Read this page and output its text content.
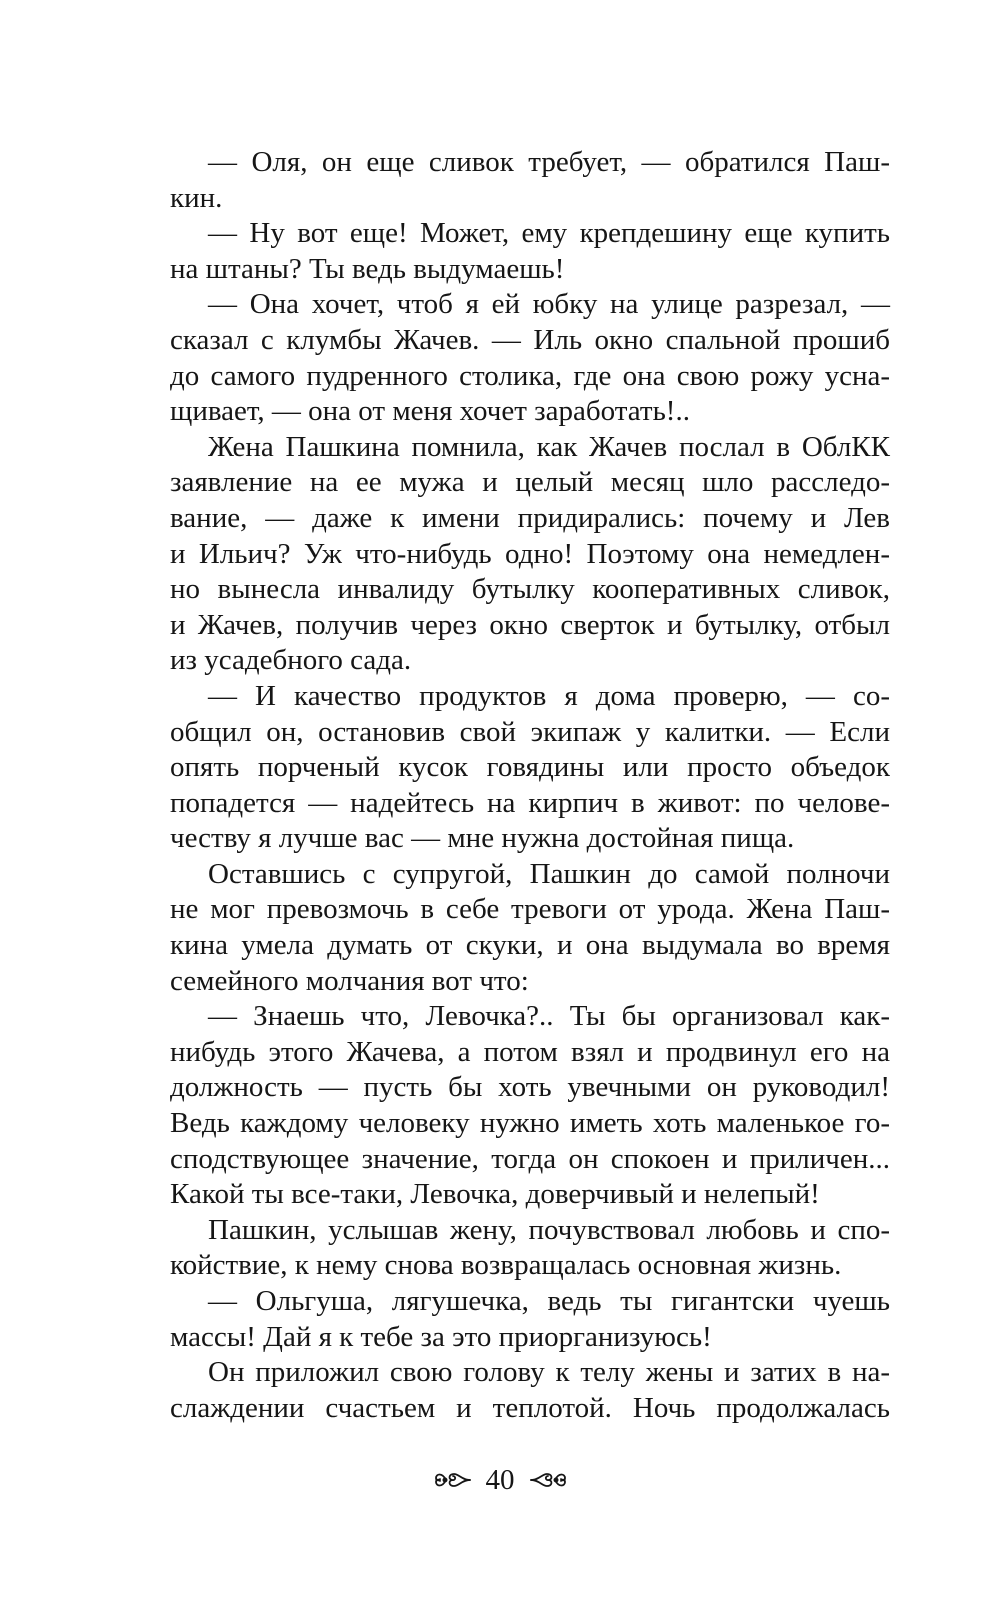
— Оля, он еще сливок требует, — обратился Паш-
кин.
— Ну вот еще! Может, ему крепдешину еще купить
на штаны? Ты ведь выдумаешь!
— Она хочет, чтоб я ей юбку на улице разрезал, —
сказал с клумбы Жачев. — Иль окно спальной прошиб
до самого пудренного столика, где она свою рожу усна-
щивает, — она от меня хочет заработать!..
Жена Пашкина помнила, как Жачев послал в ОблКК
заявление на ее мужа и целый месяц шло расследо-
вание, — даже к имени придирались: почему и Лев
и Ильич? Уж что-нибудь одно! Поэтому она немедлен-
но вынесла инвалиду бутылку кооперативных сливок,
и Жачев, получив через окно сверток и бутылку, отбыл
из усадебного сада.
— И качество продуктов я дома проверю, — со-
общил он, остановив свой экипаж у калитки. — Если
опять порченый кусок говядины или просто объедок
попадется — надейтесь на кирпич в живот: по челове-
честву я лучше вас — мне нужна достойная пища.
Оставшись с супругой, Пашкин до самой полночи
не мог превозмочь в себе тревоги от урода. Жена Паш-
кина умела думать от скуки, и она выдумала во время
семейного молчания вот что:
— Знаешь что, Левочка?.. Ты бы организовал как-
нибудь этого Жачева, а потом взял и продвинул его на
должность — пусть бы хоть увечными он руководил!
Ведь каждому человеку нужно иметь хоть маленькое го-
сподствующее значение, тогда он спокоен и приличен...
Какой ты все-таки, Левочка, доверчивый и нелепый!
Пашкин, услышав жену, почувствовал любовь и спо-
койствие, к нему снова возвращалась основная жизнь.
— Ольгуша, лягушечка, ведь ты гигантски чуешь
массы! Дай я к тебе за это приорганизуюсь!
Он приложил свою голову к телу жены и затих в на-
слаждении счастьем и теплотой. Ночь продолжалась
40
